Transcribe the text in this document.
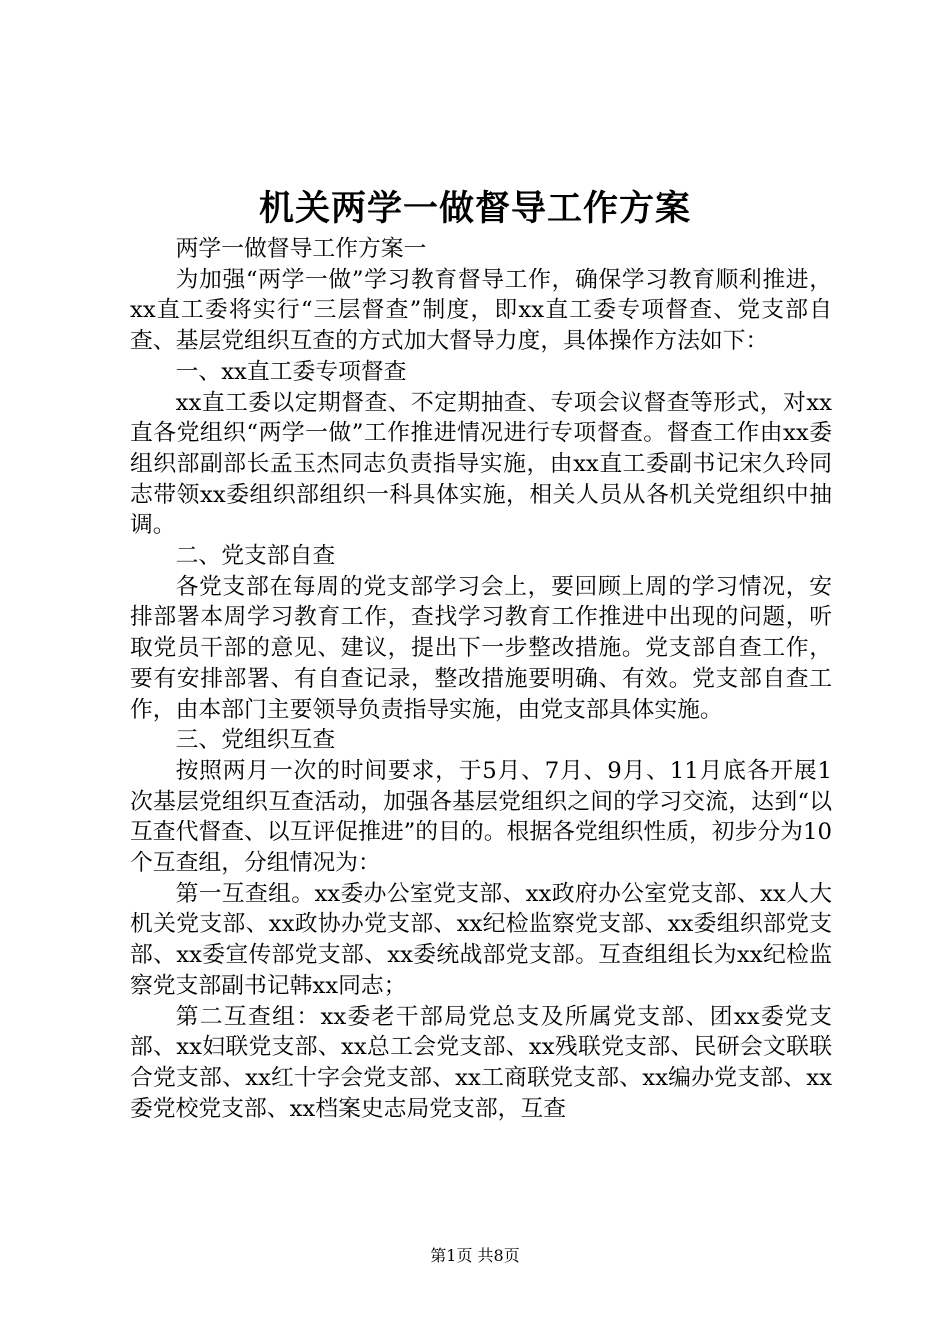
机关两学一做督导工作方案

两学一做督导工作方案一

为加强“两学一做”学习教育督导工作，确保学习教育顺利推进，xx直工委将实行“三层督查”制度，即xx直工委专项督查、党支部自查、基层党组织互查的方式加大督导力度，具体操作方法如下：

一、xx直工委专项督查

xx直工委以定期督查、不定期抽查、专项会议督查等形式，对xx直各党组织“两学一做”工作推进情况进行专项督查。督查工作由xx委组织部副部长孟玉杰同志负责指导实施，由xx直工委副书记宋久玲同志带领xx委组织部组织一科具体实施，相关人员从各机关党组织中抽调。

二、党支部自查

各党支部在每周的党支部学习会上，要回顾上周的学习情况，安排部署本周学习教育工作，查找学习教育工作推进中出现的问题，听取党员干部的意见、建议，提出下一步整改措施。党支部自查工作，要有安排部署、有自查记录，整改措施要明确、有效。党支部自查工作，由本部门主要领导负责指导实施，由党支部具体实施。

三、党组织互查

按照两月一次的时间要求，于5月、7月、9月、11月底各开展1次基层党组织互查活动，加强各基层党组织之间的学习交流，达到“以互查代督查、以互评促推进”的目的。根据各党组织性质，初步分为10个互查组，分组情况为：

第一互查组。xx委办公室党支部、xx政府办公室党支部、xx人大机关党支部、xx政协办党支部、xx纪检监察党支部、xx委组织部党支部、xx委宣传部党支部、xx委统战部党支部。互查组组长为xx纪检监察党支部副书记韩xx同志；

第二互查组：xx委老干部局党总支及所属党支部、团xx委党支部、xx妇联党支部、xx总工会党支部、xx残联党支部、民研会文联联合党支部、xx红十字会党支部、xx工商联党支部、xx编办党支部、xx委党校党支部、xx档案史志局党支部，互查

第1页 共8页
